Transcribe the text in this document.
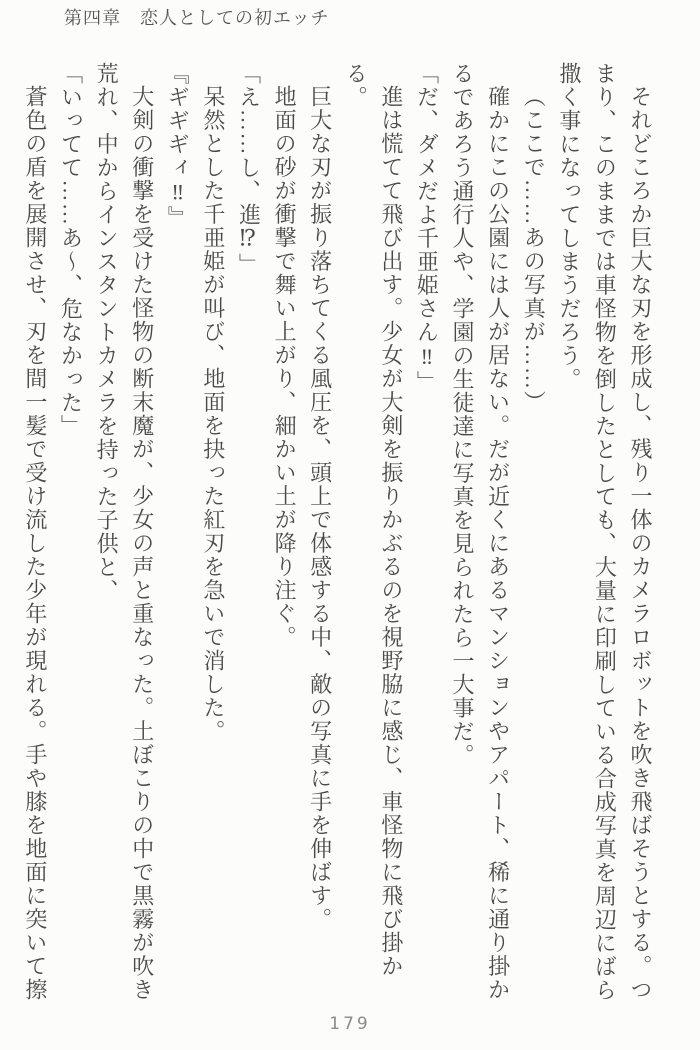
第四章　恋人としての初エッチ

それどころか巨大な刃を形成し、残り一体のカメラロボットを吹き飛ばそうとする。つ

まり、このままでは車怪物を倒したとしても、大量に印刷している合成写真を周辺にばら

撒く事になってしまうだろう。

（ここで……あの写真が……）

確かにこの公園には人が居ない。だが近くにあるマンションやアパート、稀に通り掛か

るであろう通行人や、学園の生徒達に写真を見られたら一大事だ。

「だ、ダメだよ千亜姫さん‼」

進は慌てて飛び出す。少女が大剣を振りかぶるのを視野脇に感じ、車怪物に飛び掛かる。

巨大な刃が振り落ちてくる風圧を、頭上で体感する中、敵の写真に手を伸ばす。

地面の砂が衝撃で舞い上がり、細かい土が降り注ぐ。

「え……し、進⁉」

呆然とした千亜姫が叫び、地面を抉った紅刃を急いで消した。

『ギギギィ‼』

大剣の衝撃を受けた怪物の断末魔が、少女の声と重なった。土ぼこりの中で黒霧が吹き

荒れ、中からインスタントカメラを持った子供と、

「いってて……あ～、危なかった」

蒼色の盾を展開させ、刃を間一髪で受け流した少年が現れる。手や膝を地面に突いて擦

179
